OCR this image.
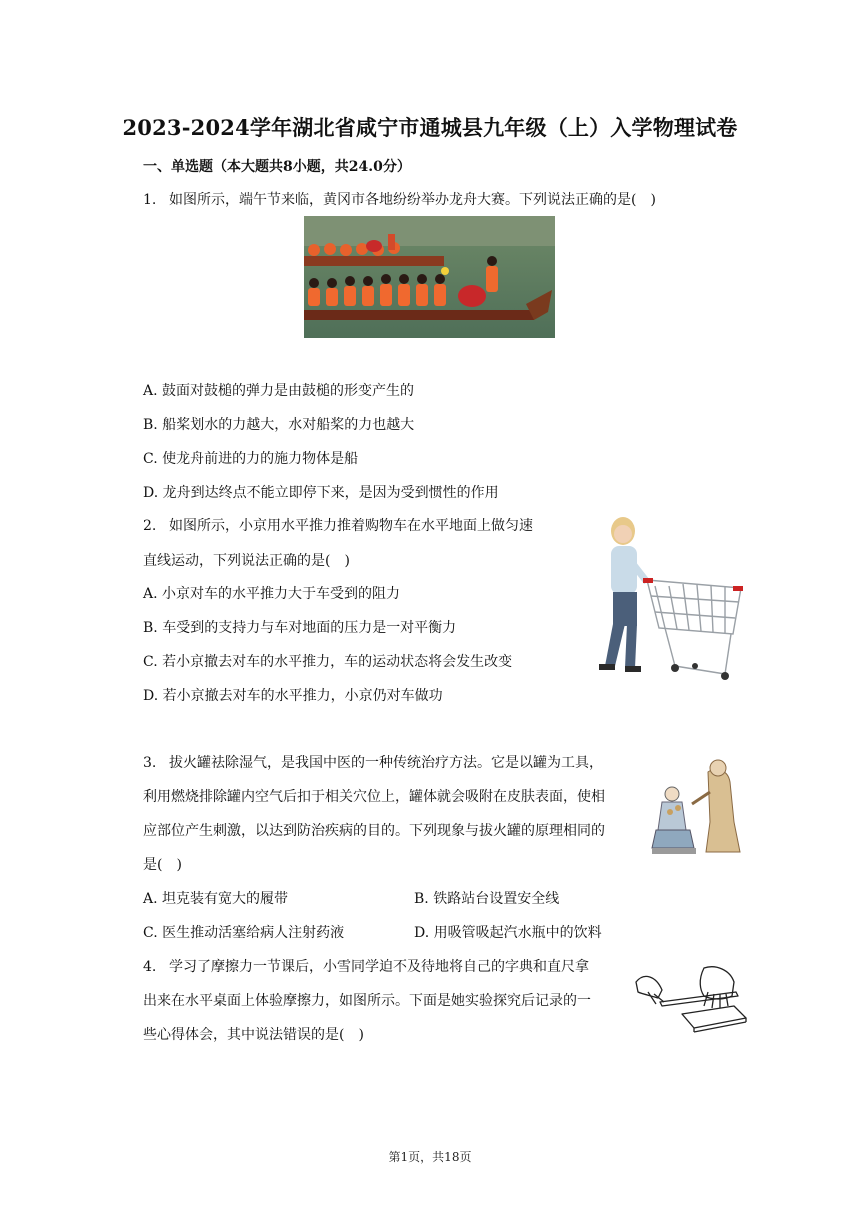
2023-2024学年湖北省咸宁市通城县九年级（上）入学物理试卷
一、单选题（本大题共8小题，共24.0分）
1. 如图所示，端午节来临，黄冈市各地纷纷举办龙舟大赛。下列说法正确的是(　)
A. 鼓面对鼓槌的弹力是由鼓槌的形变产生的
B. 船桨划水的力越大，水对船桨的力也越大
C. 使龙舟前进的力的施力物体是船
D. 龙舟到达终点不能立即停下来，是因为受到惯性的作用
2. 如图所示，小京用水平推力推着购物车在水平地面上做匀速
直线运动，下列说法正确的是(　)
A. 小京对车的水平推力大于车受到的阻力
B. 车受到的支持力与车对地面的压力是一对平衡力
C. 若小京撤去对车的水平推力，车的运动状态将会发生改变
D. 若小京撤去对车的水平推力，小京仍对车做功
3. 拔火罐祛除湿气，是我国中医的一种传统治疗方法。它是以罐为工具，
利用燃烧排除罐内空气后扣于相关穴位上，罐体就会吸附在皮肤表面，使相
应部位产生刺激，以达到防治疾病的目的。下列现象与拔火罐的原理相同的
是(　)
A. 坦克装有宽大的履带	B. 铁路站台设置安全线
C. 医生推动活塞给病人注射药液	D. 用吸管吸起汽水瓶中的饮料
4. 学习了摩擦力一节课后，小雪同学迫不及待地将自己的字典和直尺拿
出来在水平桌面上体验摩擦力，如图所示。下面是她实验探究后记录的一
些心得体会，其中说法错误的是(　)
第1页，共18页
